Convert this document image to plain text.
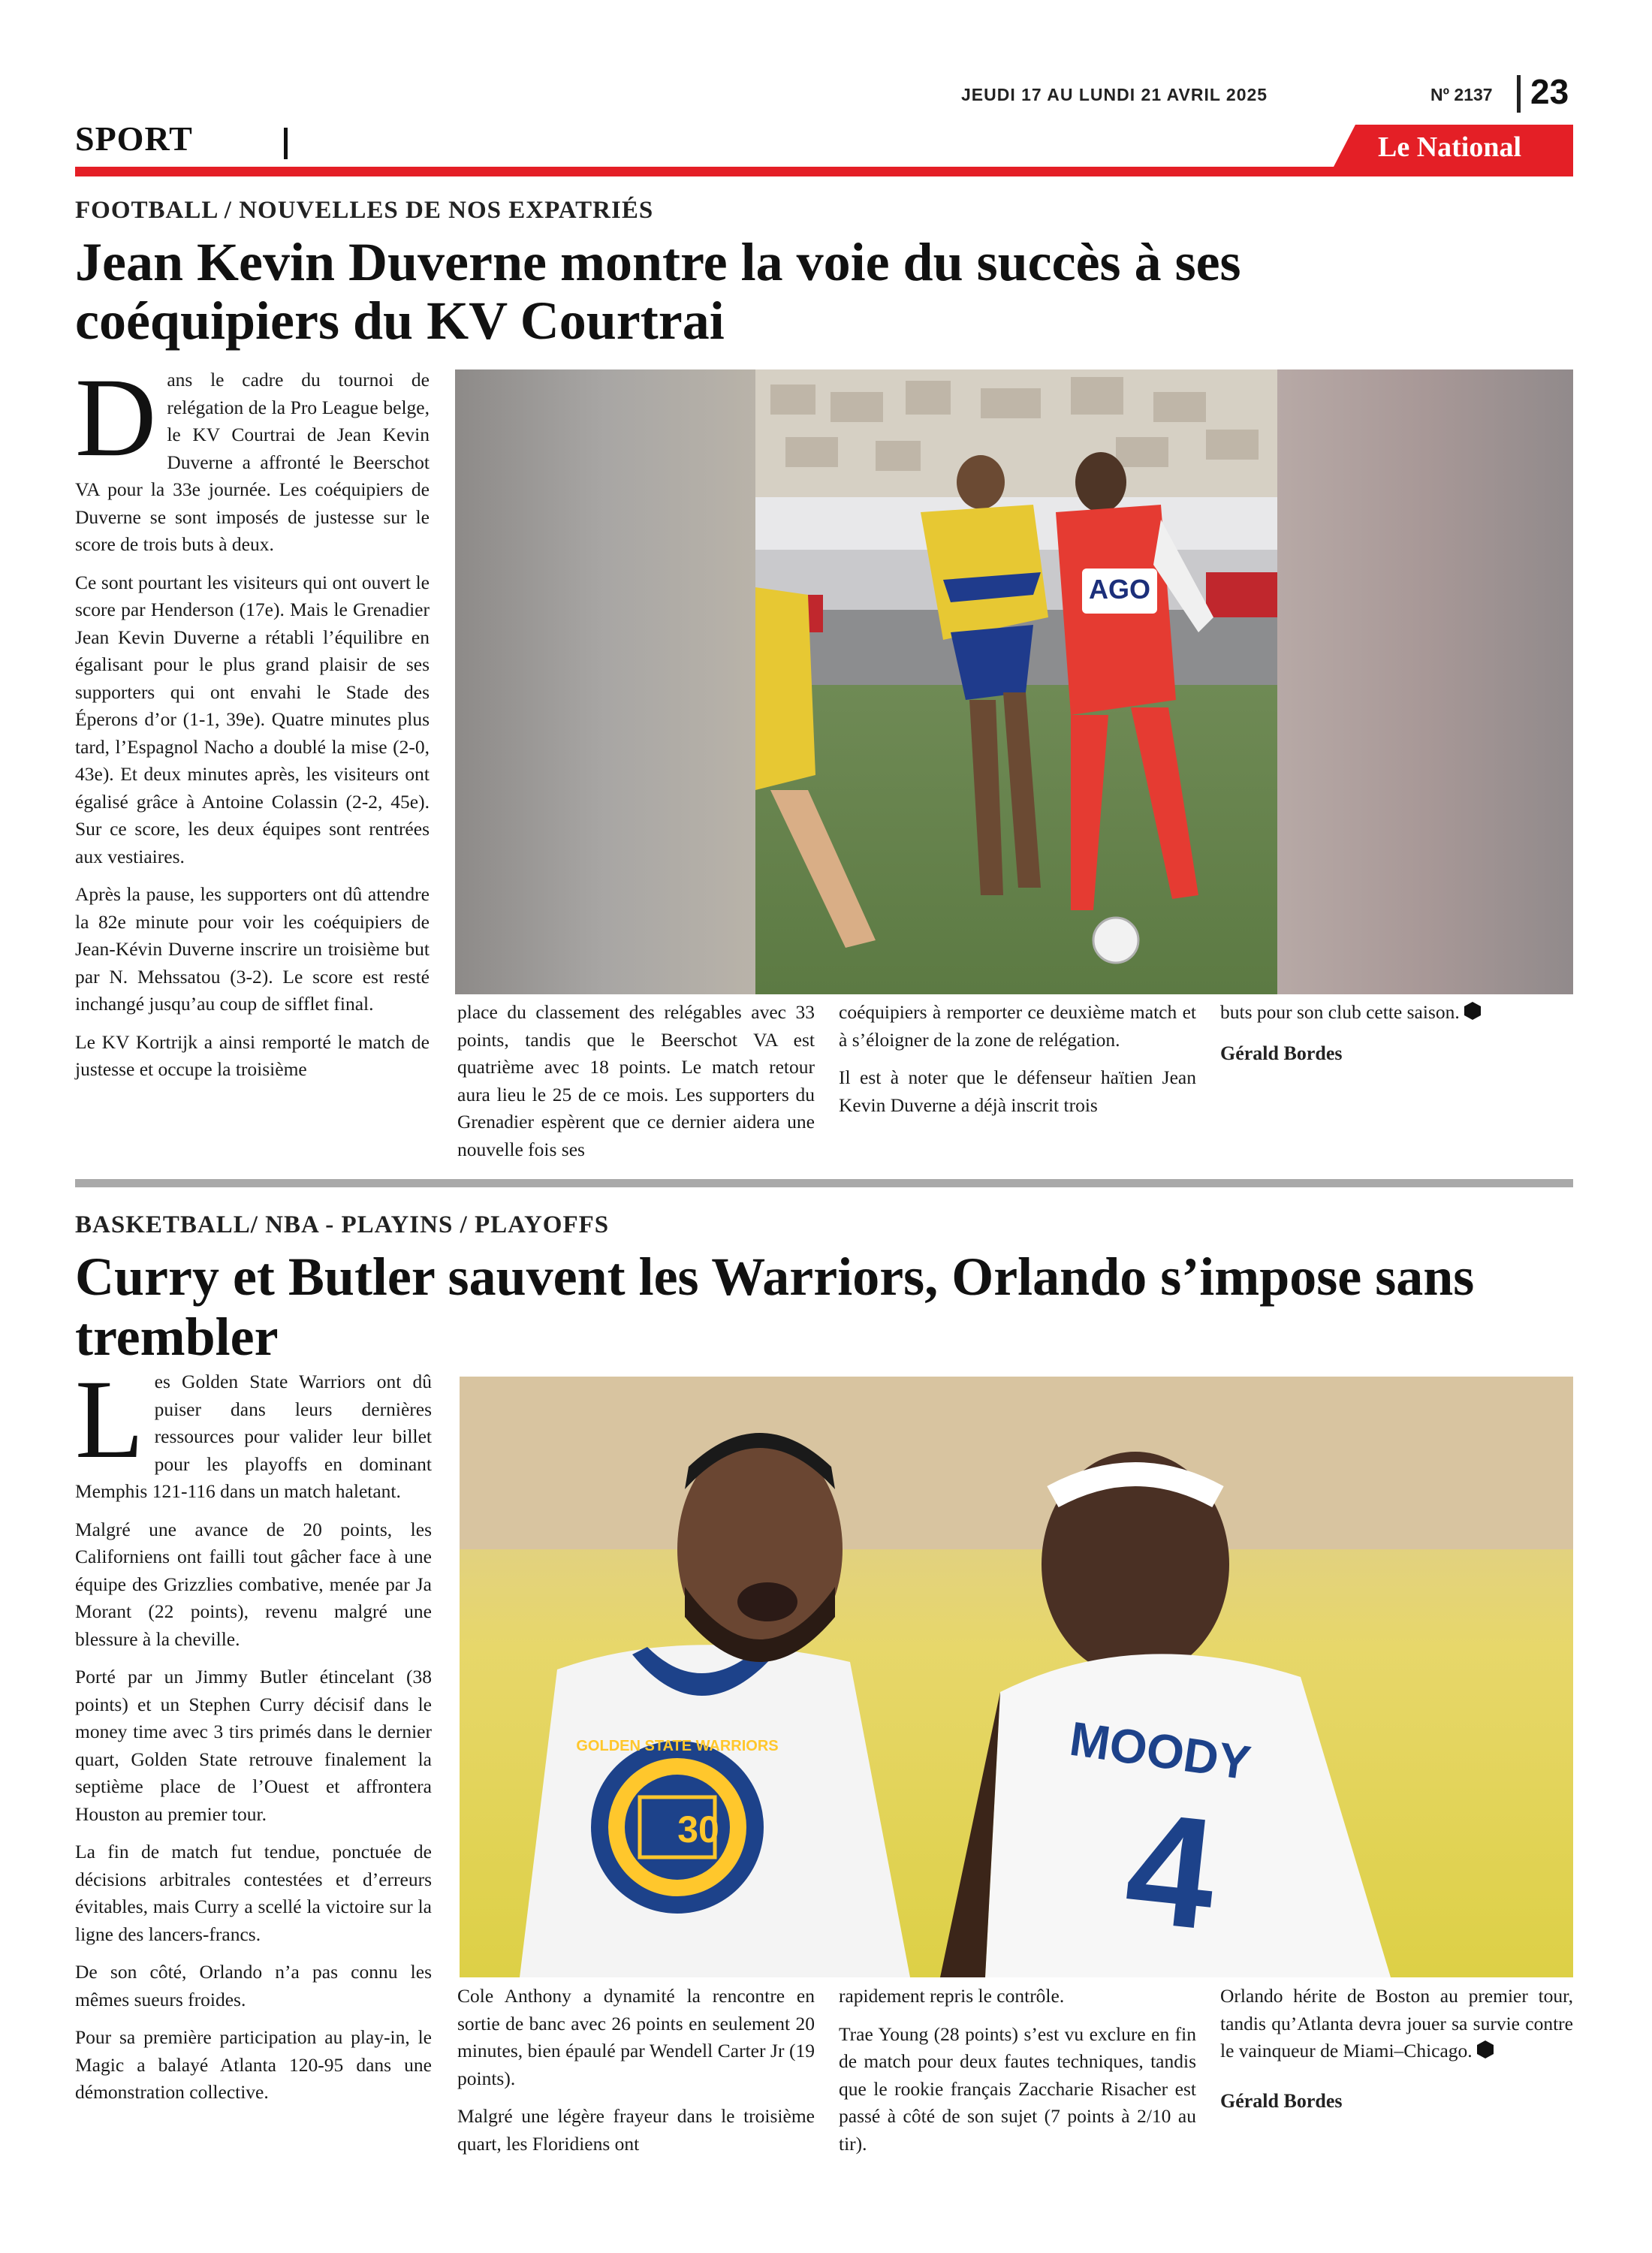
JEUDI 17 AU LUNDI 21 AVRIL 2025	Nº 2137 23
SPORT	Le National
FOOTBALL / NOUVELLES DE NOS EXPATRIÉS
Jean Kevin Duverne montre la voie du succès à ses coéquipiers du KV Courtrai
D ans le cadre du tournoi de relégation de la Pro League belge, le KV Courtrai de Jean Kevin Duverne a affronté le Beerschot VA pour la 33e journée. Les coéquipiers de Duverne se sont imposés de justesse sur le score de trois buts à deux.

Ce sont pourtant les visiteurs qui ont ouvert le score par Henderson (17e). Mais le Grenadier Jean Kevin Duverne a rétabli l’équilibre en égalisant pour le plus grand plaisir de ses supporters qui ont envahi le Stade des Éperons d’or (1-1, 39e). Quatre minutes plus tard, l’Espagnol Nacho a doublé la mise (2-0, 43e). Et deux minutes après, les visiteurs ont égalisé grâce à Antoine Colassin (2-2, 45e). Sur ce score, les deux équipes sont rentrées aux vestiaires.

Après la pause, les supporters ont dû attendre la 82e minute pour voir les coéquipiers de Jean-Kévin Duverne inscrire un troisième but par N. Mehssatou (3-2). Le score est resté inchangé jusqu’au coup de sifflet final.

Le KV Kortrijk a ainsi remporté le match de justesse et occupe la troisième

AGO

place du classement des relégables avec 33 points, tandis que le Beerschot VA est quatrième avec 18 points. Le match retour aura lieu le 25 de ce mois. Les supporters du Grenadier espèrent que ce dernier aidera une nouvelle fois ses

coéquipiers à remporter ce deuxième match et à s’éloigner de la zone de relégation.

Il est à noter que le défenseur haïtien Jean Kevin Duverne a déjà inscrit trois

buts pour son club cette saison.

Gérald Bordes
BASKETBALL/ NBA - PLAYINS / PLAYOFFS
Curry et Butler sauvent les Warriors, Orlando s’impose sans trembler
L es Golden State Warriors ont dû puiser dans leurs dernières ressources pour valider leur billet pour les playoffs en dominant Memphis 121-116 dans un match haletant.

Malgré une avance de 20 points, les Californiens ont failli tout gâcher face à une équipe des Grizzlies combative, menée par Ja Morant (22 points), revenu malgré une blessure à la cheville.

Porté par un Jimmy Butler étincelant (38 points) et un Stephen Curry décisif dans le money time avec 3 tirs primés dans le dernier quart, Golden State retrouve finalement la septième place de l’Ouest et affrontera Houston au premier tour.

La fin de match fut tendue, ponctuée de décisions arbitrales contestées et d’erreurs évitables, mais Curry a scellé la victoire sur la ligne des lancers-francs.

De son côté, Orlando n’a pas connu les mêmes sueurs froides.

Pour sa première participation au play-in, le Magic a balayé Atlanta 120-95 dans une démonstration collective.

GOLDEN STATE WARRIORS
30
MOODY
4

Cole Anthony a dynamité la rencontre en sortie de banc avec 26 points en seulement 20 minutes, bien épaulé par Wendell Carter Jr (19 points).

Malgré une légère frayeur dans le troisième quart, les Floridiens ont

rapidement repris le contrôle.

Trae Young (28 points) s’est vu exclure en fin de match pour deux fautes techniques, tandis que le rookie français Zaccharie Risacher est passé à côté de son sujet (7 points à 2/10 au tir).

Orlando hérite de Boston au premier tour, tandis qu’Atlanta devra jouer sa survie contre le vainqueur de Miami–Chicago.

Gérald Bordes
